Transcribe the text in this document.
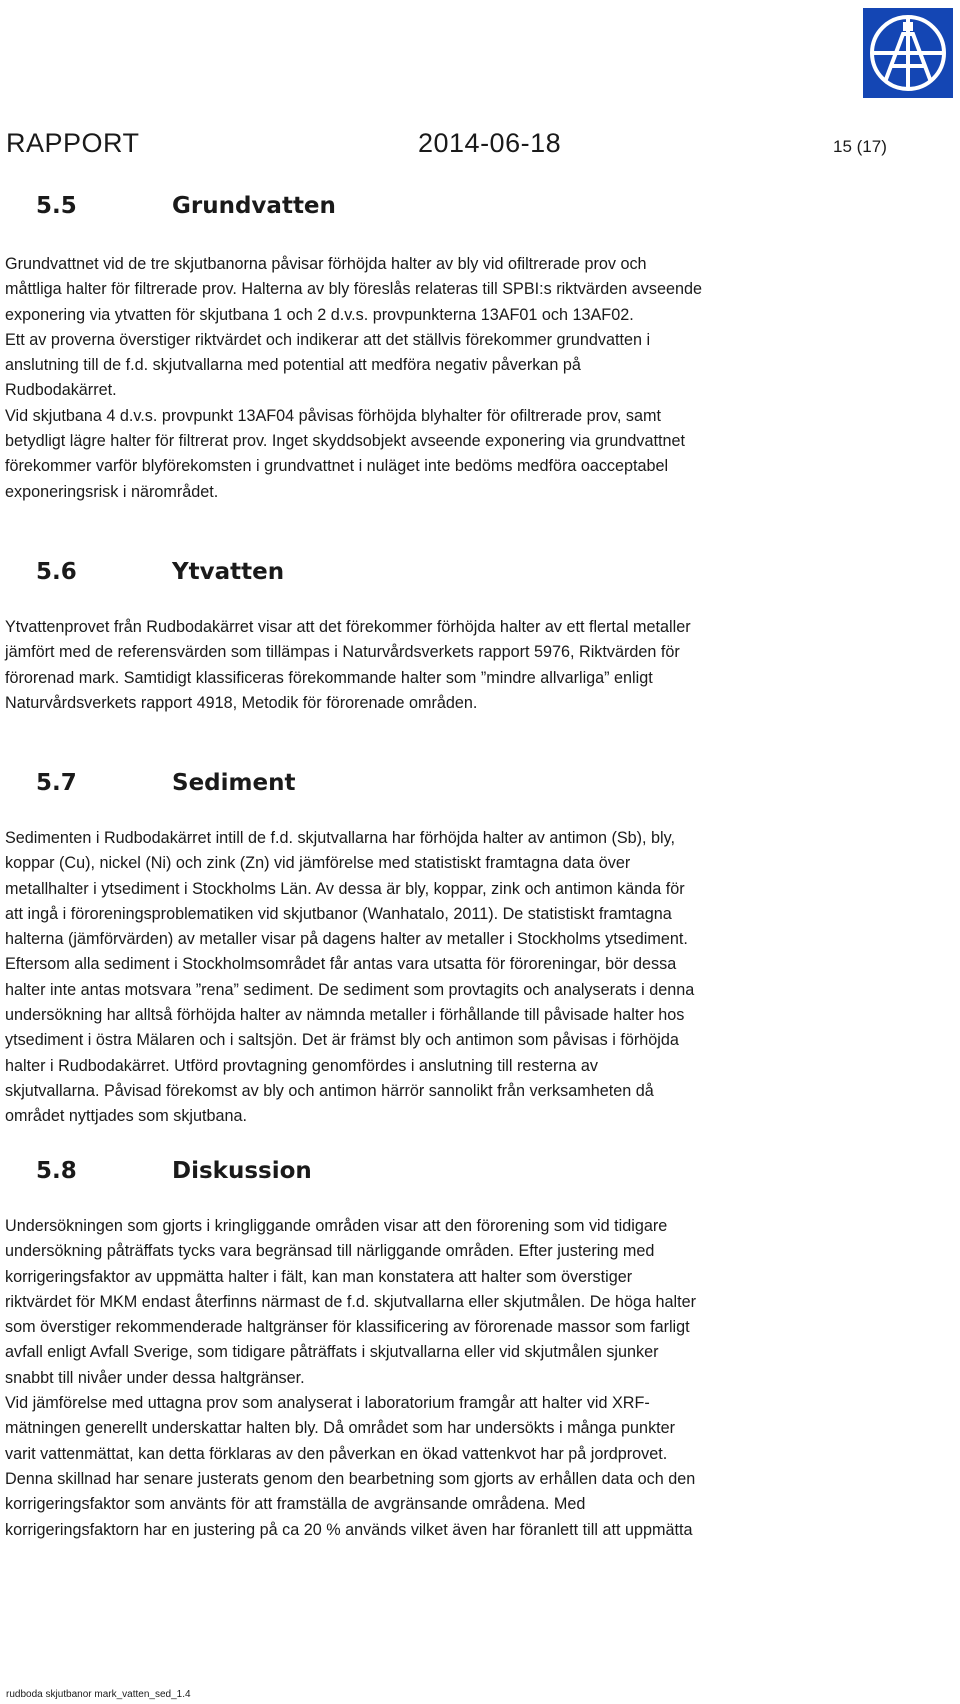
RAPPORT	2014-06-18	15 (17)
5.5	Grundvatten
Grundvattnet vid de tre skjutbanorna påvisar förhöjda halter av bly vid ofiltrerade prov och
måttliga halter för filtrerade prov. Halterna av bly föreslås relateras till SPBI:s riktvärden avseende
exponering via ytvatten för skjutbana 1 och 2 d.v.s. provpunkterna 13AF01 och 13AF02.
Ett av proverna överstiger riktvärdet och indikerar att det ställvis förekommer grundvatten i
anslutning till de f.d. skjutvallarna med potential att medföra negativ påverkan på
Rudbodakärret.
Vid skjutbana 4 d.v.s. provpunkt 13AF04 påvisas förhöjda blyhalter för ofiltrerade prov, samt
betydligt lägre halter för filtrerat prov. Inget skyddsobjekt avseende exponering via grundvattnet
förekommer varför blyförekomsten i grundvattnet i nuläget inte bedöms medföra oacceptabel
exponeringsrisk i närområdet.
5.6	Ytvatten
Ytvattenprovet från Rudbodakärret visar att det förekommer förhöjda halter av ett flertal metaller
jämfört med de referensvärden som tillämpas i Naturvårdsverkets rapport 5976, Riktvärden för
förorenad mark. Samtidigt klassificeras förekommande halter som ”mindre allvarliga” enligt
Naturvårdsverkets rapport 4918, Metodik för förorenade områden.
5.7	Sediment
Sedimenten i Rudbodakärret intill de f.d. skjutvallarna har förhöjda halter av antimon (Sb), bly,
koppar (Cu), nickel (Ni) och zink (Zn) vid jämförelse med statistiskt framtagna data över
metallhalter i ytsediment i Stockholms Län. Av dessa är bly, koppar, zink och antimon kända för
att ingå i föroreningsproblematiken vid skjutbanor (Wanhatalo, 2011). De statistiskt framtagna
halterna (jämförvärden) av metaller visar på dagens halter av metaller i Stockholms ytsediment.
Eftersom alla sediment i Stockholmsområdet får antas vara utsatta för föroreningar, bör dessa
halter inte antas motsvara ”rena” sediment. De sediment som provtagits och analyserats i denna
undersökning har alltså förhöjda halter av nämnda metaller i förhållande till påvisade halter hos
ytsediment i östra Mälaren och i saltsjön. Det är främst bly och antimon som påvisas i förhöjda
halter i Rudbodakärret. Utförd provtagning genomfördes i anslutning till resterna av
skjutvallarna. Påvisad förekomst av bly och antimon härrör sannolikt från verksamheten då
området nyttjades som skjutbana.
5.8	Diskussion
Undersökningen som gjorts i kringliggande områden visar att den förorening som vid tidigare
undersökning påträffats tycks vara begränsad till närliggande områden. Efter justering med
korrigeringsfaktor av uppmätta halter i fält, kan man konstatera att halter som överstiger
riktvärdet för MKM endast återfinns närmast de f.d. skjutvallarna eller skjutmålen. De höga halter
som överstiger rekommenderade haltgränser för klassificering av förorenade massor som farligt
avfall enligt Avfall Sverige, som tidigare påträffats i skjutvallarna eller vid skjutmålen sjunker
snabbt till nivåer under dessa haltgränser.
Vid jämförelse med uttagna prov som analyserat i laboratorium framgår att halter vid XRF-
mätningen generellt underskattar halten bly. Då området som har undersökts i många punkter
varit vattenmättat, kan detta förklaras av den påverkan en ökad vattenkvot har på jordprovet.
Denna skillnad har senare justerats genom den bearbetning som gjorts av erhållen data och den
korrigeringsfaktor som använts för att framställa de avgränsande områdena. Med
korrigeringsfaktorn har en justering på ca 20 % används vilket även har föranlett till att uppmätta
rudboda skjutbanor mark_vatten_sed_1.4
